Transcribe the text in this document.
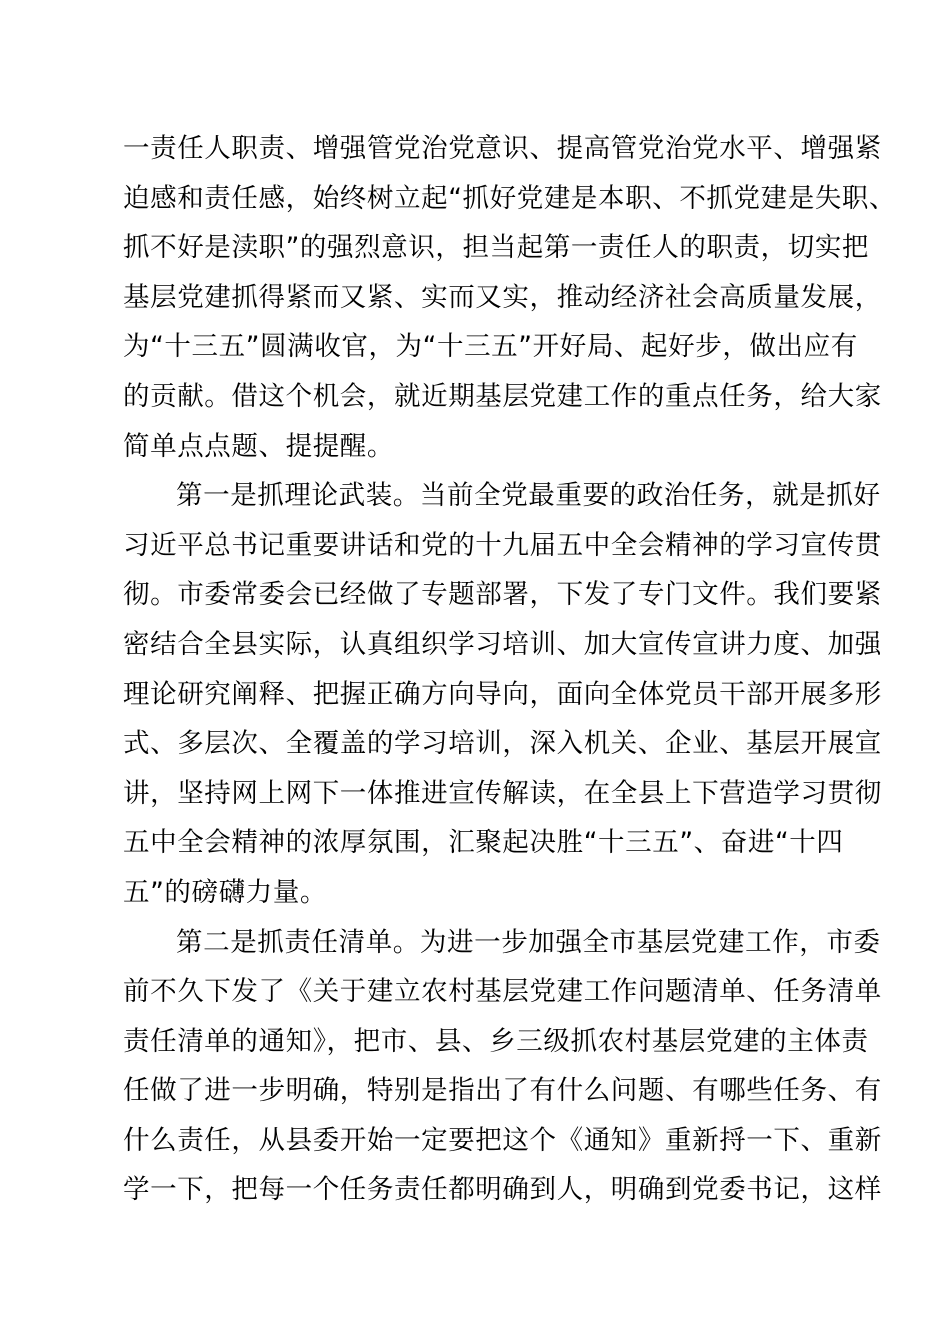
一责任人职责、增强管党治党意识、提高管党治党水平、增强紧
迫感和责任感，始终树立起“抓好党建是本职、不抓党建是失职、
抓不好是渎职”的强烈意识，担当起第一责任人的职责，切实把
基层党建抓得紧而又紧、实而又实，推动经济社会高质量发展，
为“十三五”圆满收官，为“十三五”开好局、起好步，做出应有
的贡献。借这个机会，就近期基层党建工作的重点任务，给大家
简单点点题、提提醒。
第一是抓理论武装。当前全党最重要的政治任务，就是抓好
习近平总书记重要讲话和党的十九届五中全会精神的学习宣传贯
彻。市委常委会已经做了专题部署，下发了专门文件。我们要紧
密结合全县实际，认真组织学习培训、加大宣传宣讲力度、加强
理论研究阐释、把握正确方向导向，面向全体党员干部开展多形
式、多层次、全覆盖的学习培训，深入机关、企业、基层开展宣
讲，坚持网上网下一体推进宣传解读，在全县上下营造学习贯彻
五中全会精神的浓厚氛围，汇聚起决胜“十三五”、奋进“十四
五”的磅礴力量。
第二是抓责任清单。为进一步加强全市基层党建工作，市委
前不久下发了《关于建立农村基层党建工作问题清单、任务清单
责任清单的通知》，把市、县、乡三级抓农村基层党建的主体责
任做了进一步明确，特别是指出了有什么问题、有哪些任务、有
什么责任，从县委开始一定要把这个《通知》重新捋一下、重新
学一下，把每一个任务责任都明确到人，明确到党委书记，这样
